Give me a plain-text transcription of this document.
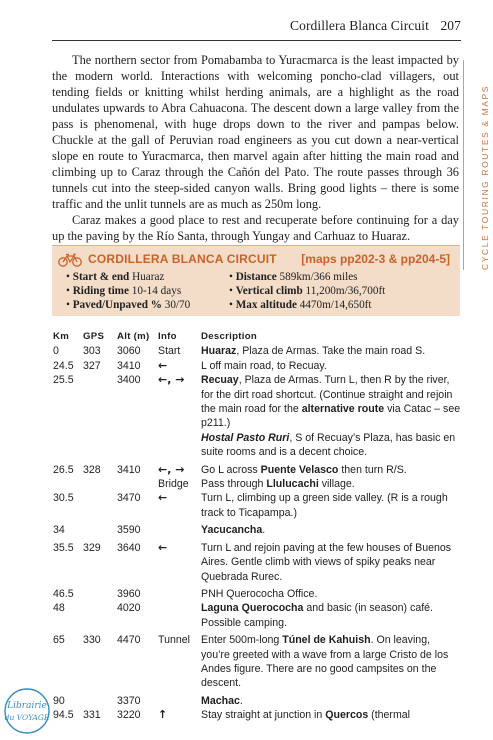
Cordillera Blanca Circuit 207
CYCLE TOURING ROUTES & MAPS

The northern sector from Pomabamba to Yuracmarca is the least impacted by the modern world. Interactions with welcoming poncho-clad villagers, out tending fields or knitting whilst herding animals, are a highlight as the road undulates upwards to Abra Cahuacona. The descent down a large valley from the pass is phenomenal, with huge drops down to the river and pampas below. Chuckle at the gall of Peruvian road engineers as you cut down a near-vertical slope en route to Yuracmarca, then marvel again after hitting the main road and climbing up to Caraz through the Cañón del Pato. The route passes through 36 tunnels cut into the steep-sided canyon walls. Bring good lights – there is some traffic and the unlit tunnels are as much as 250m long.

Caraz makes a good place to rest and recuperate before continuing for a day up the paving by the Río Santa, through Yungay and Carhuaz to Huaraz.

CORDILLERA BLANCA CIRCUIT [maps pp202-3 & pp204-5]
• Start & end Huaraz
• Riding time 10-14 days
• Paved/Unpaved % 30/70
• Distance 589km/366 miles
• Vertical climb 11,200m/36,700ft
• Max altitude 4470m/14,650ft
Km GPS Alt (m) Info	Description
0 303 3060 Start Huaraz, Plaza de Armas. Take the main road S.
24.5 327 3410 ←	L off main road, to Recuay.
25.5	3400 ←, → Recuay, Plaza de Armas. Turn L, then R by the river, for the dirt road shortcut. (Continue straight and rejoin the main road for the alternative route via Catac – see p211.)
Hostal Pasto Ruri, S of Recuay’s Plaza, has basic en suite rooms and is a decent choice.
26.5 328 3410 ←, → Go L across Puente Velasco then turn R/S.
Bridge Pass through Llulucachi village.
30.5	3470 ←	Turn L, climbing up a green side valley. (R is a rough track to Ticapampa.)
34	3590	Yacucancha.
35.5 329 3640 ←	Turn L and rejoin paving at the few houses of Buenos Aires. Gentle climb with views of spiky peaks near Quebrada Rurec.
46.5	3960	PNH Querococha Office.
48	4020	Laguna Querococha and basic (in season) café. Possible camping.
65 330 4470 Tunnel Enter 500m-long Túnel de Kahuish. On leaving, you’re greeted with a wave from a large Cristo de los Andes figure. There are no good campsites on the descent.
90	3370	Machac.
94.5 331 3220 ↑	Stay straight at junction in Quercos (thermal
Librairie
du VOYAGE
